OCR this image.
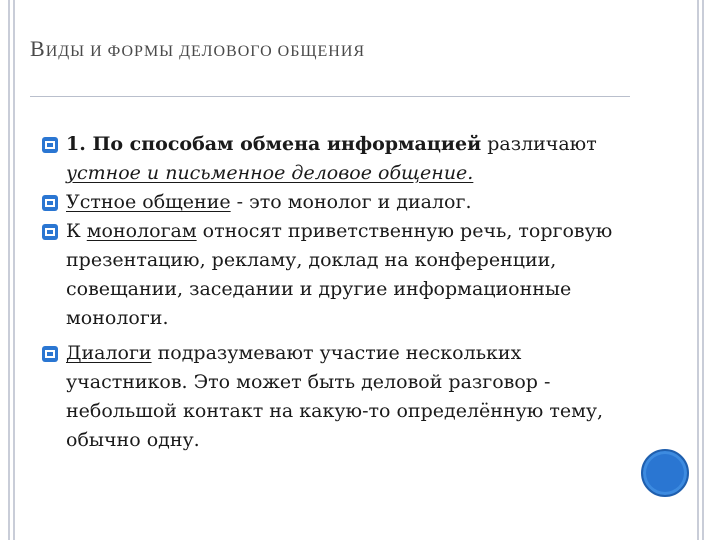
ВИДЫ И ФОРМЫ ДЕЛОВОГО ОБЩЕНИЯ

1. По способам обмена информацией различают устное и письменное деловое общение.

Устное общение - это монолог и диалог.

К монологам относят приветственную речь, торговую презентацию, рекламу, доклад на конференции, совещании, заседании и другие информационные монологи.

Диалоги подразумевают участие нескольких участников. Это может быть деловой разговор - небольшой контакт на какую-то определённую тему, обычно одну.
